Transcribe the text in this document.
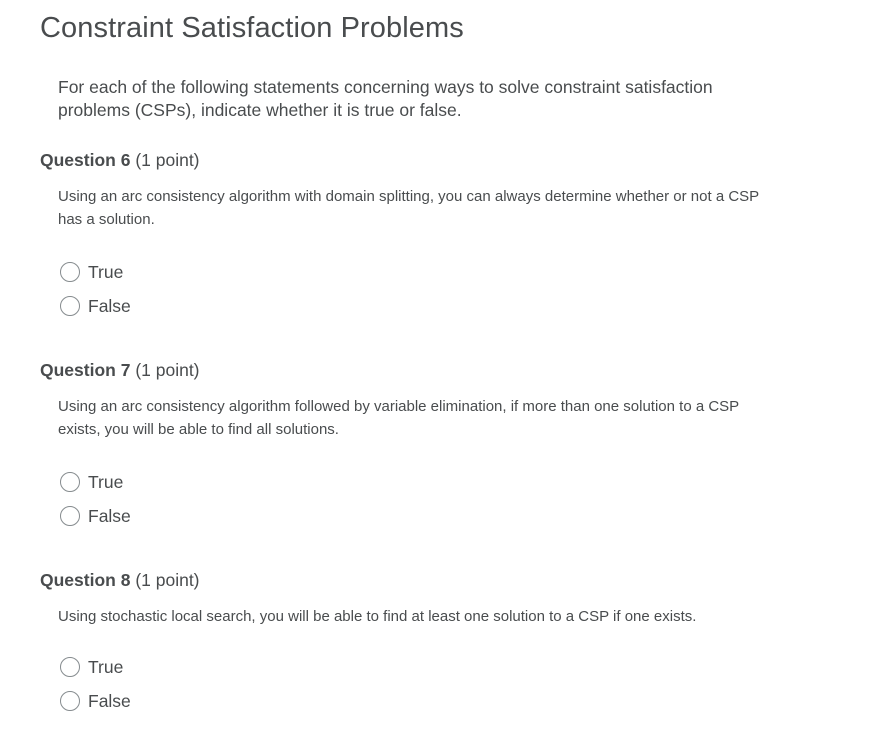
Constraint Satisfaction Problems
For each of the following statements concerning ways to solve constraint satisfaction problems (CSPs), indicate whether it is true or false.
Question 6 (1 point)
Using an arc consistency algorithm with domain splitting, you can always determine whether or not a CSP has a solution.
True
False
Question 7 (1 point)
Using an arc consistency algorithm followed by variable elimination, if more than one solution to a CSP exists, you will be able to find all solutions.
True
False
Question 8 (1 point)
Using stochastic local search, you will be able to find at least one solution to a CSP if one exists.
True
False
